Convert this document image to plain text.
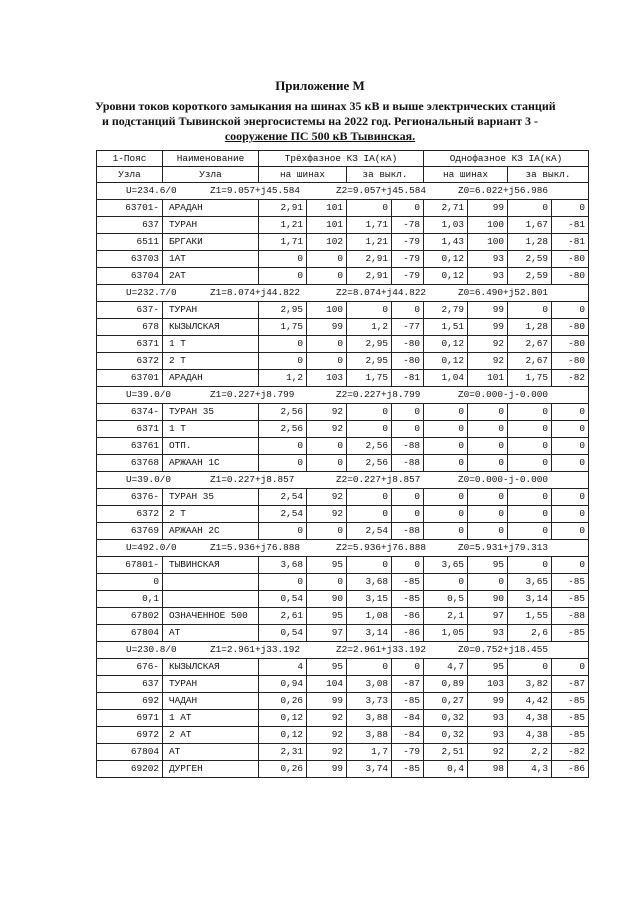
Приложение М
Уровни токов короткого замыкания на шинах 35 кВ и выше электрических станций
и подстанций Тывинской энергосистемы на 2022 год. Региональный вариант 3 -
сооружение ПС 500 кВ Тывинская.
1-Пояс	Наименование	Трёхфазное КЗ IA(кА)				Однофазное КЗ IA(кА)			
Узла	Узла	на шинах		за выкл.		на шинах		за выкл.	

U=234.6/0 Z1=9.057+j45.584 Z2=9.057+j45.584 Z0=6.022+j56.986									

63701-	АРАДАН	2,91	101	0	0	2,71	99	0	0
637	ТУРАН	1,21	101	1,71	-78	1,03	100	1,67	-81
6511	БРГАКИ	1,71	102	1,21	-79	1,43	100	1,28	-81
63703	1АТ	0	0	2,91	-79	0,12	93	2,59	-80
63704	2АТ	0	0	2,91	-79	0,12	93	2,59	-80

U=232.7/0 Z1=8.074+j44.822 Z2=8.074+j44.822 Z0=6.490+j52.801									

637-	ТУРАН	2,95	100	0	0	2,79	99	0	0
678	КЫЗЫЛСКАЯ	1,75	99	1,2	-77	1,51	99	1,28	-80
6371	1 Т	0	0	2,95	-80	0,12	92	2,67	-80
6372	2 Т	0	0	2,95	-80	0,12	92	2,67	-80
63701	АРАДАН	1,2	103	1,75	-81	1,04	101	1,75	-82

U=39.0/0 Z1=0.227+j8.799 Z2=0.227+j8.799 Z0=0.000-j-0.000									

6374-	ТУРАН 35	2,56	92	0	0	0	0	0	0
6371	1 Т	2,56	92	0	0	0	0	0	0
63761	ОТП.	0	0	2,56	-88	0	0	0	0
63768	АРЖААН 1С	0	0	2,56	-88	0	0	0	0

U=39.0/0 Z1=0.227+j8.857 Z2=0.227+j8.857 Z0=0.000-j-0.000									

6376-	ТУРАН 35	2,54	92	0	0	0	0	0	0
6372	2 Т	2,54	92	0	0	0	0	0	0
63769	АРЖААН 2С	0	0	2,54	-88	0	0	0	0

U=492.0/0 Z1=5.936+j76.888 Z2=5.936+j76.888 Z0=5.931+j79.313									

67801-	ТЫВИНСКАЯ	3,68	95	0	0	3,65	95	0	0
0		0	0	3,68	-85	0	0	3,65	-85
0,1		0,54	90	3,15	-85	0,5	90	3,14	-85
67802	ОЗНАЧЕННОЕ 500	2,61	95	1,08	-86	2,1	97	1,55	-88
67804	АТ	0,54	97	3,14	-86	1,05	93	2,6	-85

U=230.8/0 Z1=2.961+j33.192 Z2=2.961+j33.192 Z0=0.752+j18.455									

676-	КЫЗЫЛСКАЯ	4	95	0	0	4,7	95	0	0
637	ТУРАН	0,94	104	3,08	-87	0,89	103	3,82	-87
692	ЧАДАН	0,26	99	3,73	-85	0,27	99	4,42	-85
6971	1 АТ	0,12	92	3,88	-84	0,32	93	4,38	-85
6972	2 АТ	0,12	92	3,88	-84	0,32	93	4,38	-85
67804	АТ	2,31	92	1,7	-79	2,51	92	2,2	-82
69202	ДУРГЕН	0,26	99	3,74	-85	0,4	98	4,3	-86
